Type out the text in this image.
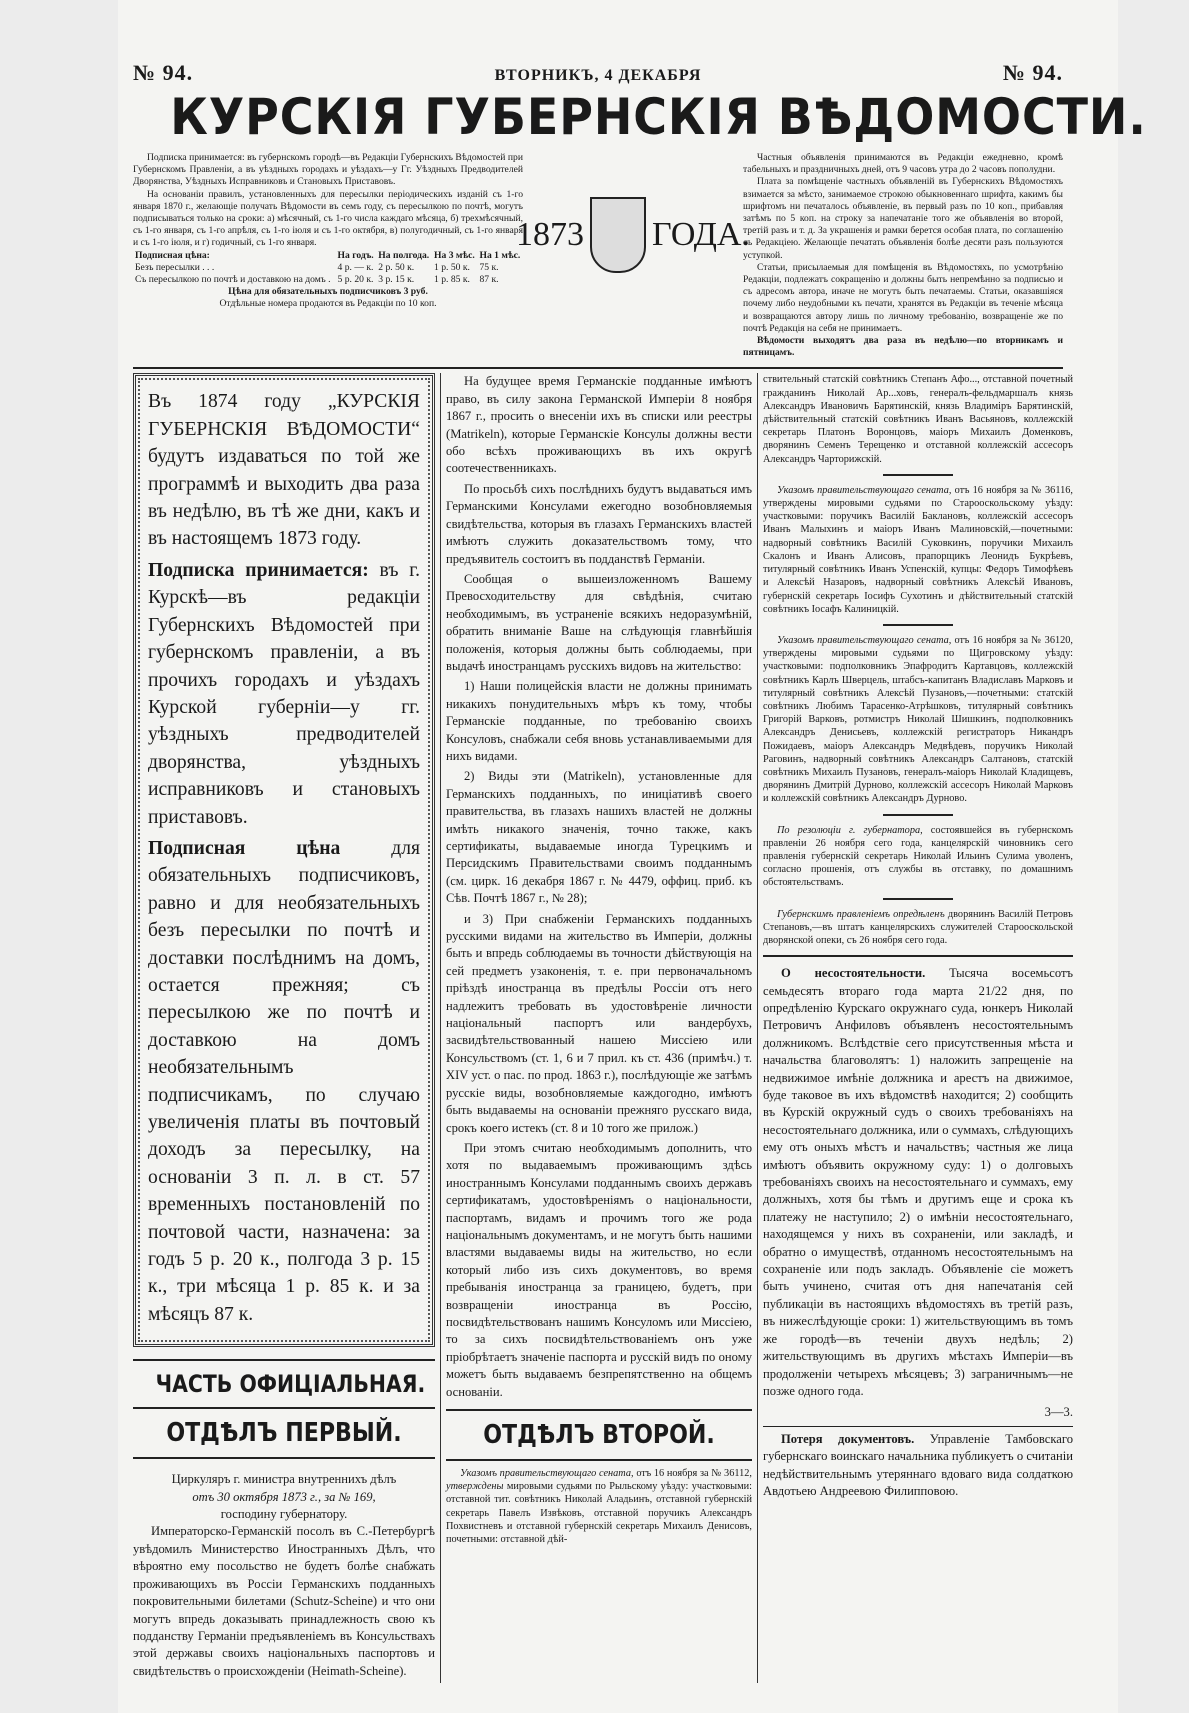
№ 94.	ВТОРНИКЪ, 4 ДЕКАБРЯ	№ 94.
КУРСКІЯ ГУБЕРНСКІЯ ВѢДОМОСТИ.

Подписка принимается: въ губернскомъ городѣ—въ Редакціи Губернскихъ Вѣдомостей при Губернскомъ Правленіи, а въ уѣздныхъ городахъ и уѣздахъ—у Гг. Уѣздныхъ Предводителей Дворянства, Уѣздныхъ Исправниковъ и Становыхъ Приставовъ.

На основаніи правилъ, установленныхъ для пересылки періодическихъ изданій съ 1-го января 1870 г., желающіе получать Вѣдомости въ семъ году, съ пересылкою по почтѣ, могутъ подписываться только на сроки: а) мѣсячный, съ 1-го числа каждаго мѣсяца, б) трехмѣсячный, съ 1-го января, съ 1-го апрѣля, съ 1-го іюля и съ 1-го октября, в) полугодичный, съ 1-го января и съ 1-го іюля, и г) годичный, съ 1-го января.

Подписная цѣна:	На годъ.	На полгода.	На 3 мѣс.	На 1 мѣс.
Безъ пересылки . . .	4 р. — к.	2 р. 50 к.	1 р. 50 к.	75 к.
Съ пересылкою по почтѣ и доставкою на домъ .	5 р. 20 к.	3 р. 15 к.	1 р. 85 к.	87 к.
Цѣна для обязательныхъ подписчиковъ 3 руб.
Отдѣльные номера продаются въ Редакціи по 10 коп.
1873 ГОДА.

Частныя объявленія принимаются въ Редакціи ежедневно, кромѣ табельныхъ и праздничныхъ дней, отъ 9 часовъ утра до 2 часовъ пополудни.

Плата за помѣщеніе частныхъ объявленій въ Губернскихъ Вѣдомостяхъ взимается за мѣсто, занимаемое строкою обыкновеннаго шрифта, какимъ бы шрифтомъ ни печаталось объявленіе, въ первый разъ по 10 коп., прибавляя затѣмъ по 5 коп. на строку за напечатаніе того же объявленія во второй, третій разъ и т. д. За украшенія и рамки берется особая плата, по соглашенію съ Редакціею. Желающіе печатать объявленія болѣе десяти разъ пользуются уступкой.

Статьи, присылаемыя для помѣщенія въ Вѣдомостяхъ, по усмотрѣнію Редакціи, подлежатъ сокращенію и должны быть непремѣнно за подписью и съ адресомъ автора, иначе не могутъ быть печатаемы. Статьи, оказавшіяся почему либо неудобными къ печати, хранятся въ Редакціи въ теченіе мѣсяца и возвращаются автору лишь по личному требованію, возвращеніе же по почтѣ Редакція на себя не принимаетъ.

Вѣдомости выходятъ два раза въ недѣлю—по вторникамъ и пятницамъ.

Въ 1874 году „КУРСКІЯ ГУБЕРНСКІЯ ВѢДОМОСТИ“ будутъ издаваться по той же программѣ и выходить два раза въ недѣлю, въ тѣ же дни, какъ и въ настоящемъ 1873 году.

Подписка принимается: въ г. Курскѣ—въ редакціи Губернскихъ Вѣдомостей при губернскомъ правленіи, а въ прочихъ городахъ и уѣздахъ Курской губерніи—у гг. уѣздныхъ предводителей дворянства, уѣздныхъ исправниковъ и становыхъ приставовъ.

Подписная цѣна для обязательныхъ подписчиковъ, равно и для необязательныхъ безъ пересылки по почтѣ и доставки послѣднимъ на домъ, остается прежняя; съ пересылкою же по почтѣ и доставкою на домъ необязательнымъ подписчикамъ, по случаю увеличенія платы въ почтовый доходъ за пересылку, на основаніи 3 п. л. в ст. 57 временныхъ постановленій по почтовой части, назначена: за годъ 5 р. 20 к., полгода 3 р. 15 к., три мѣсяца 1 р. 85 к. и за мѣсяцъ 87 к.

ЧАСТЬ ОФИЦІАЛЬНАЯ.
ОТДѢЛЪ ПЕРВЫЙ.
Циркуляръ г. министра внутреннихъ дѣлъ
отъ 30 октября 1873 г., за № 169,
господину губернатору.

Императорско-Германскій посолъ въ С.-Петербургѣ увѣдомилъ Министерство Иностранныхъ Дѣлъ, что вѣроятно ему посольство не будетъ болѣе снабжать проживающихъ въ Россіи Германскихъ подданныхъ покровительными билетами (Schutz-Scheine) и что они могутъ впредь доказывать принадлежность свою къ подданству Германіи предъявленіемъ въ Консульствахъ этой державы своихъ національныхъ паспортовъ и свидѣтельствъ о происхожденіи (Heimath-Scheine).

На будущее время Германскіе подданные имѣютъ право, въ силу закона Германской Имперіи 8 ноября 1867 г., просить о внесеніи ихъ въ списки или реестры (Matrikeln), которые Германскіе Консулы должны вести обо всѣхъ проживающихъ въ ихъ округѣ соотечественникахъ.

По просьбѣ сихъ послѣднихъ будутъ выдаваться имъ Германскими Консулами ежегодно возобновляемыя свидѣтельства, которыя въ глазахъ Германскихъ властей имѣютъ служить доказательствомъ тому, что предъявитель состоитъ въ подданствѣ Германіи.

Сообщая о вышеизложенномъ Вашему Превосходительству для свѣдѣнія, считаю необходимымъ, въ устраненіе всякихъ недоразумѣній, обратить вниманіе Ваше на слѣдующія главнѣйшія положенія, которыя должны быть соблюдаемы, при выдачѣ иностранцамъ русскихъ видовъ на жительство:

1) Наши полицейскія власти не должны принимать никакихъ понудительныхъ мѣръ къ тому, чтобы Германскіе подданные, по требованію своихъ Консуловъ, снабжали себя вновь устанавливаемыми для нихъ видами.

2) Виды эти (Matrikeln), установленные для Германскихъ подданныхъ, по иниціативѣ своего правительства, въ глазахъ нашихъ властей не должны имѣть никакого значенія, точно также, какъ сертификаты, выдаваемые иногда Турецкимъ и Персидскимъ Правительствами своимъ подданнымъ (см. цирк. 16 декабря 1867 г. № 4479, оффиц. приб. къ Сѣв. Почтѣ 1867 г., № 28);

и 3) При снабженіи Германскихъ подданныхъ русскими видами на жительство въ Имперіи, должны быть и впредь соблюдаемы въ точности дѣйствующія на сей предметъ узаконенія, т. е. при первоначальномъ пріѣздѣ иностранца въ предѣлы Россіи отъ него надлежитъ требовать въ удостовѣреніе личности національный паспортъ или вандербухъ, засвидѣтельствованный нашею Миссіею или Консульствомъ (ст. 1, 6 и 7 прил. къ ст. 436 (примѣч.) т. XIV уст. о пас. по прод. 1863 г.), послѣдующіе же затѣмъ русскіе виды, возобновляемые каждогодно, имѣютъ быть выдаваемы на основаніи прежняго русскаго вида, срокъ коего истекъ (ст. 8 и 10 того же прилож.)

При этомъ считаю необходимымъ дополнить, что хотя по выдаваемымъ проживающимъ здѣсь иностраннымъ Консулами подданнымъ своихъ державъ сертификатамъ, удостовѣреніямъ о національности, паспортамъ, видамъ и прочимъ того же рода національнымъ документамъ, и не могутъ быть нашими властями выдаваемы виды на жительство, но если который либо изъ сихъ документовъ, во время пребыванія иностранца за границею, будетъ, при возвращеніи иностранца въ Россію, посвидѣтельствованъ нашимъ Консуломъ или Миссіею, то за сихъ посвидѣтельствованіемъ онъ уже пріобрѣтаетъ значеніе паспорта и русскій видъ по оному можетъ быть выдаваемъ безпрепятственно на общемъ основаніи.

ОТДѢЛЪ ВТОРОЙ.

Указомъ правительствующаго сената, отъ 16 ноября за № 36112, утверждены мировыми судьями по Рыльскому уѣзду: участковыми: отставной тит. совѣтникъ Николай Аладьинъ, отставной губернскій секретарь Павелъ Извѣковъ, отставной поручикъ Александръ Похвистневъ и отставной губернскій секретарь Михаилъ Денисовъ, почетными: отставной дѣй-

ствительный статскій совѣтникъ Степанъ Афо..., отставной почетный гражданинъ Николай Ар...ховъ, генералъ-фельдмаршалъ князь Александръ Ивановичъ Барятинскій, князь Владиміръ Барятинскій, дѣйствительный статскій совѣтникъ Иванъ Васьяновъ, коллежскій секретарь Платонъ Воронцовъ, маіоръ Михаилъ Доменковъ, дворянинъ Семенъ Терещенко и отставной коллежскій ассесоръ Александръ Чарторижскій.

Указомъ правительствующаго сената, отъ 16 ноября за № 36116, утверждены мировыми судьями по Старооскольскому уѣзду: участковыми: поручикъ Василій Баклановъ, коллежскій ассесоръ Иванъ Малыхинъ и маіоръ Иванъ Малиновскій,—почетными: надворный совѣтникъ Василій Суковкинъ, поручики Михаилъ Скалонъ и Иванъ Алисовъ, прапорщикъ Леонидъ Букрѣевъ, титулярный совѣтникъ Иванъ Успенскій, купцы: Федоръ Тимофѣевъ и Алексѣй Назаровъ, надворный совѣтникъ Алексѣй Ивановъ, губернскій секретарь Іосифъ Сухотинъ и дѣйствительный статскій совѣтникъ Іосафъ Калиницкій.

Указомъ правительствующаго сената, отъ 16 ноября за № 36120, утверждены мировыми судьями по Щигровскому уѣзду: участковыми: подполковникъ Эпафродитъ Картавцовъ, коллежскій совѣтникъ Карлъ Шверцель, штабсъ-капитанъ Владиславъ Марковъ и титулярный совѣтникъ Алексѣй Пузановъ,—почетными: статскій совѣтникъ Любимъ Тарасенко-Атрѣшковъ, титулярный совѣтникъ Григорій Варковъ, ротмистръ Николай Шишкинъ, подполковникъ Александръ Денисьевъ, коллежскій регистраторъ Никандръ Пожидаевъ, маіоръ Александръ Медвѣдевъ, поручикъ Николай Раговинъ, надворный совѣтникъ Александръ Салтановъ, статскій совѣтникъ Михаилъ Пузановъ, генералъ-маіоръ Николай Кладищевъ, дворянинъ Дмитрій Дурново, коллежскій ассесоръ Николай Марковъ и коллежскій совѣтникъ Александръ Дурново.

По резолюціи г. губернатора, состоявшейся въ губернскомъ правленіи 26 ноября сего года, канцелярскій чиновникъ сего правленія губернскій секретарь Николай Ильинъ Сулима уволенъ, согласно прошенія, отъ службы въ отставку, по домашнимъ обстоятельствамъ.

Губернскимъ правленіемъ опредѣленъ дворянинъ Василій Петровъ Степановъ,—въ штатъ канцелярскихъ служителей Старооскольской дворянской опеки, съ 26 ноября сего года.

О несостоятельности. Тысяча восемьсотъ семьдесятъ втораго года марта 21/22 дня, по опредѣленію Курскаго окружнаго суда, юнкеръ Николай Петровичъ Анфиловъ объявленъ несостоятельнымъ должникомъ. Вслѣдствіе сего присутственныя мѣста и начальства благоволятъ: 1) наложить запрещеніе на недвижимое имѣніе должника и арестъ на движимое, буде таковое въ ихъ вѣдомствѣ находится; 2) сообщить въ Курскій окружный судъ о своихъ требованіяхъ на несостоятельнаго должника, или о суммахъ, слѣдующихъ ему отъ оныхъ мѣстъ и начальствъ; частныя же лица имѣютъ объявить окружному суду: 1) о долговыхъ требованіяхъ своихъ на несостоятельнаго и суммахъ, ему должныхъ, хотя бы тѣмъ и другимъ еще и срока къ платежу не наступило; 2) о имѣніи несостоятельнаго, находящемся у нихъ въ сохраненіи, или закладѣ, и обратно о имуществѣ, отданномъ несостоятельнымъ на сохраненіе или подъ закладъ. Объявленіе сіе можетъ быть учинено, считая отъ дня напечатанія сей публикаціи въ настоящихъ вѣдомостяхъ въ третій разъ, въ нижеслѣдующіе сроки: 1) жительствующимъ въ томъ же городѣ—въ теченіи двухъ недѣль; 2) жительствующимъ въ другихъ мѣстахъ Имперіи—въ продолженіи четырехъ мѣсяцевъ; 3) заграничнымъ—не позже одного года.

3—3.

Потеря документовъ. Управленіе Тамбовскаго губернскаго воинскаго начальника публикуетъ о считаніи недѣйствительнымъ утеряннаго вдоваго вида солдаткою Авдотьею Андреевою Филипповою.
